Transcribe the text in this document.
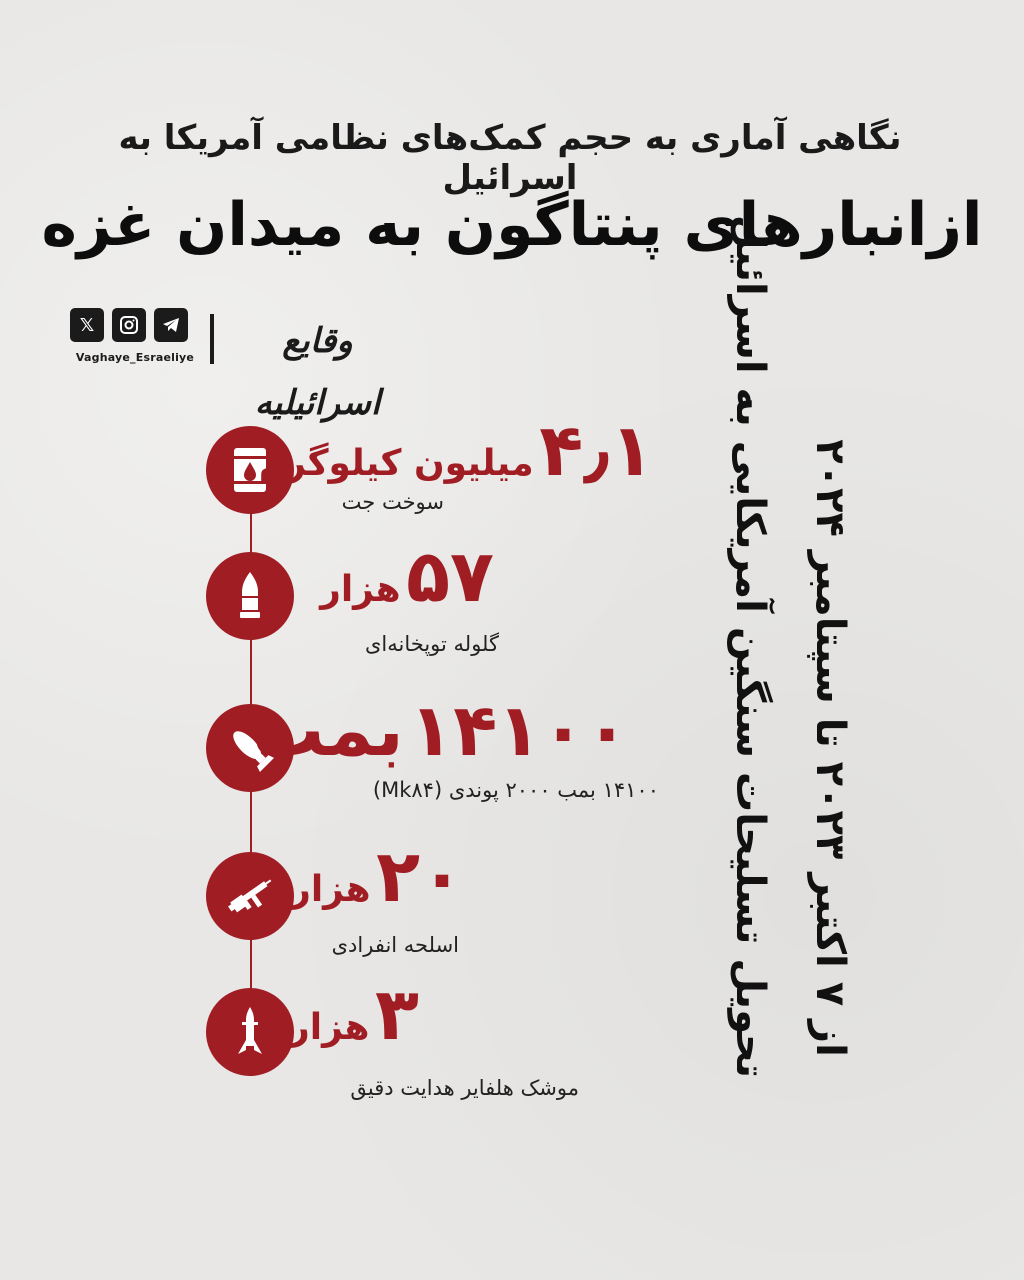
نگاهی آماری به حجم کمک‌های نظامی آمریکا به اسرائیل
ازانبارهای پنتاگون به میدان غزه
𝕏
Vaghaye_Esraeliye	وقایع اسرائیلیه
۴٫۱ میلیون کیلوگرم
سوخت جت
۵۷ هزار
گلوله توپخانه‌ای
۱۴۱۰۰ بمب
۱۴۱۰۰ بمب ۲۰۰۰ پوندی (Mk۸۴)
۲۰ هزار
اسلحه انفرادی
۳ هزار
موشک هلفایر هدایت دقیق
تحویل تسلیحات سنگین آمریکایی به اسرائیل از ۷ اکتبر ۲۰۲۳ تا سپتامبر ۲۰۲۴
